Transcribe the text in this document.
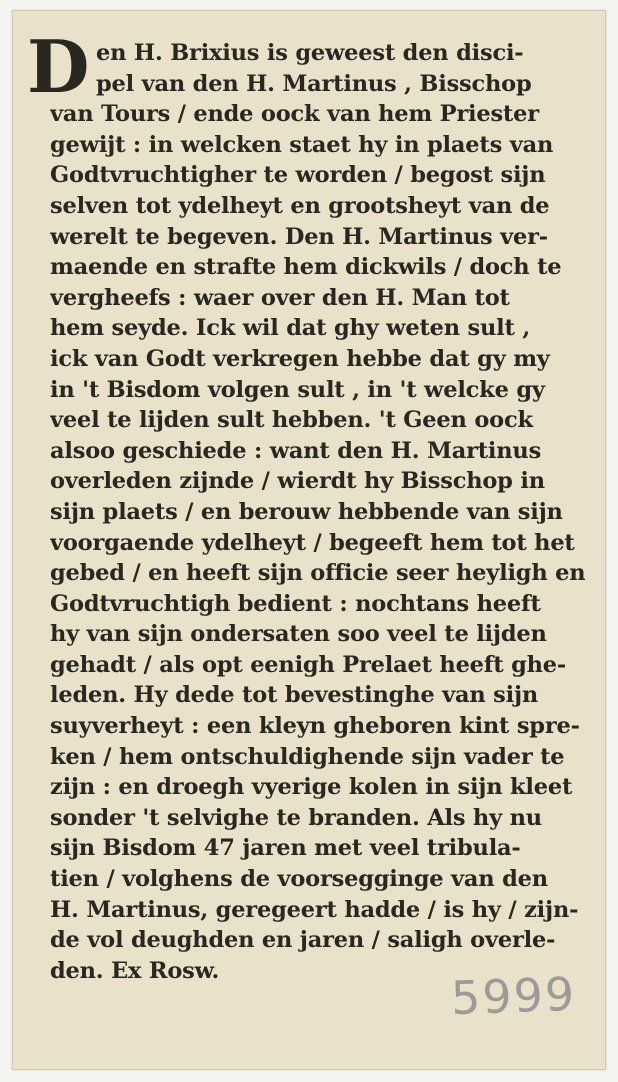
D en H. Brixius is geweest den disci-
pel van den H. Martinus , Bisschop
van Tours / ende oock van hem Priester
gewijt : in welcken staet hy in plaets van
Godtvruchtigher te worden / begost sijn
selven tot ydelheyt en grootsheyt van de
werelt te begeven. Den H. Martinus ver-
maende en strafte hem dickwils / doch te
vergheefs : waer over den H. Man tot
hem seyde. Ick wil dat ghy weten sult ,
ick van Godt verkregen hebbe dat gy my
in 't Bisdom volgen sult , in 't welcke gy
veel te lijden sult hebben. 't Geen oock
alsoo geschiede : want den H. Martinus
overleden zijnde / wierdt hy Bisschop in
sijn plaets / en berouw hebbende van sijn
voorgaende ydelheyt / begeeft hem tot het
gebed / en heeft sijn officie seer heyligh en
Godtvruchtigh bedient : nochtans heeft
hy van sijn ondersaten soo veel te lijden
gehadt / als opt eenigh Prelaet heeft ghe-
leden. Hy dede tot bevestinghe van sijn
suyverheyt : een kleyn gheboren kint spre-
ken / hem ontschuldighende sijn vader te
zijn : en droegh vyerige kolen in sijn kleet
sonder 't selvighe te branden. Als hy nu
sijn Bisdom 47 jaren met veel tribula-
tien / volghens de voorsegginge van den
H. Martinus, geregeert hadde / is hy / zijn-
de vol deughden en jaren / saligh overle-
den. Ex Rosw.	5999
